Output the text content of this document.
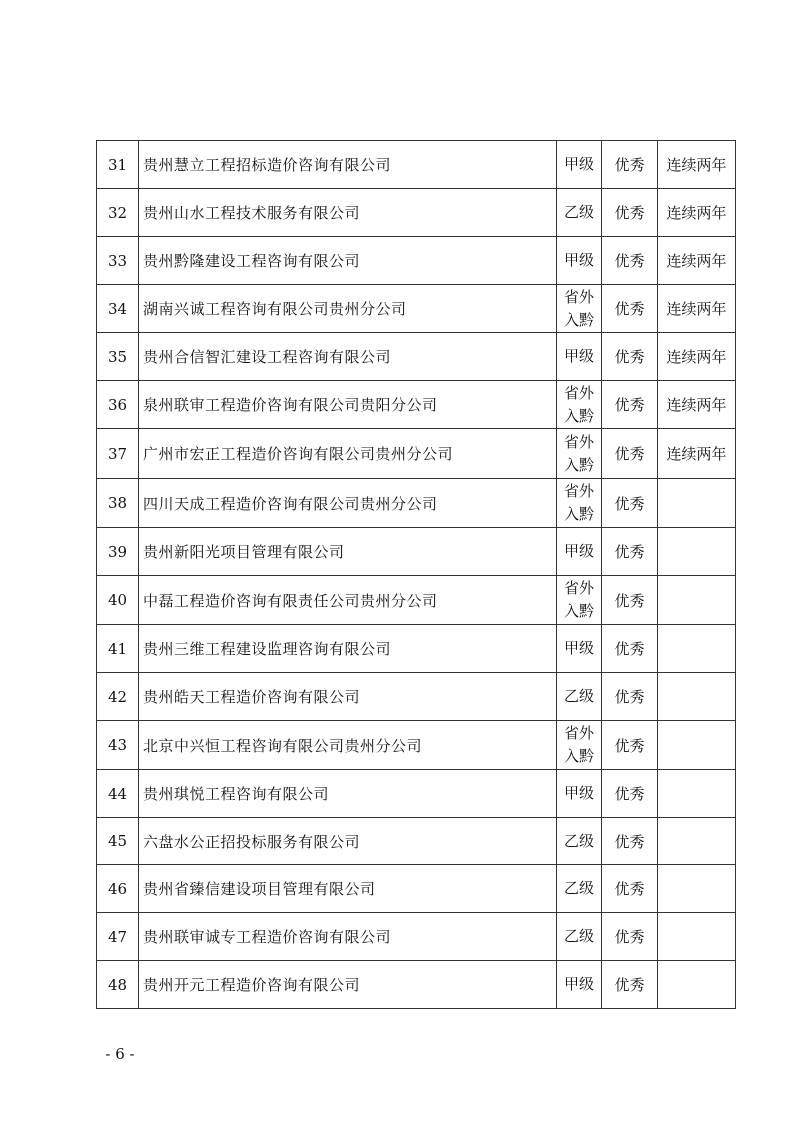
31	贵州慧立工程招标造价咨询有限公司	甲级	优秀	连续两年
32	贵州山水工程技术服务有限公司	乙级	优秀	连续两年
33	贵州黔隆建设工程咨询有限公司	甲级	优秀	连续两年
34	湖南兴诚工程咨询有限公司贵州分公司	省外入黔	优秀	连续两年
35	贵州合信智汇建设工程咨询有限公司	甲级	优秀	连续两年
36	泉州联审工程造价咨询有限公司贵阳分公司	省外入黔	优秀	连续两年
37	广州市宏正工程造价咨询有限公司贵州分公司	省外入黔	优秀	连续两年
38	四川天成工程造价咨询有限公司贵州分公司	省外入黔	优秀	
39	贵州新阳光项目管理有限公司	甲级	优秀	
40	中磊工程造价咨询有限责任公司贵州分公司	省外入黔	优秀	
41	贵州三维工程建设监理咨询有限公司	甲级	优秀	
42	贵州皓天工程造价咨询有限公司	乙级	优秀	
43	北京中兴恒工程咨询有限公司贵州分公司	省外入黔	优秀	
44	贵州琪悦工程咨询有限公司	甲级	优秀	
45	六盘水公正招投标服务有限公司	乙级	优秀	
46	贵州省臻信建设项目管理有限公司	乙级	优秀	
47	贵州联审诚专工程造价咨询有限公司	乙级	优秀	
48	贵州开元工程造价咨询有限公司	甲级	优秀	
- 6 -
